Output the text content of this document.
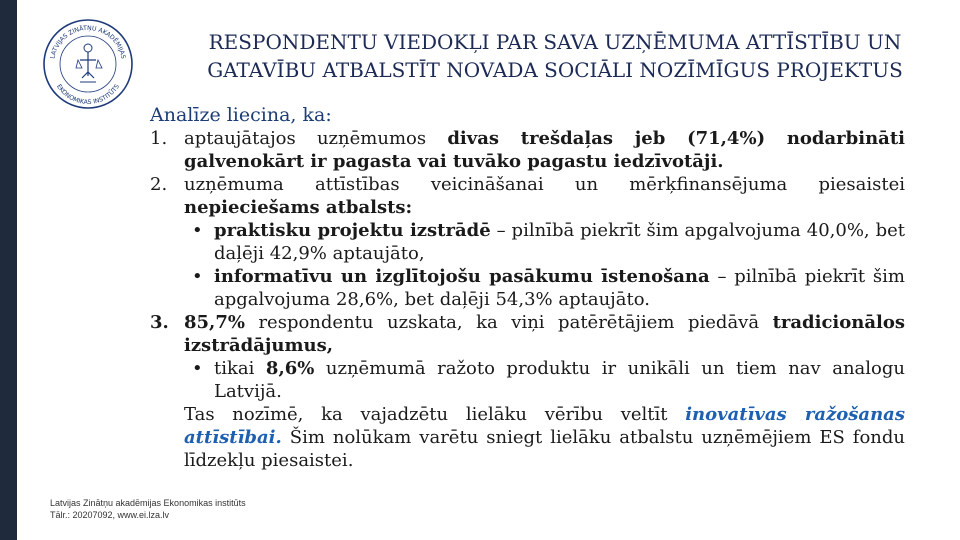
LATVIJAS ZINĀTŅU AKADĒMIJAS
EKONOMIKAS INSTITŪTS
RESPONDENTU VIEDOKĻI PAR SAVA UZŅĒMUMA ATTĪSTĪBU UN
GATAVĪBU ATBALSTĪT NOVADA SOCIĀLI NOZĪMĪGUS PROJEKTUS
Analīze liecina, ka:
1. aptaujātajos uzņēmumos divas trešdaļas jeb (71,4%) nodarbināti galvenokārt ir pagasta vai tuvāko pagastu iedzīvotāji.
2. uzņēmuma attīstības veicināšanai un mērķfinansējuma piesaistei nepieciešams atbalsts:
• praktisku projektu izstrādē – pilnībā piekrīt šim apgalvojuma 40,0%, bet daļēji 42,9% aptaujāto,
• informatīvu un izglītojošu pasākumu īstenošana – pilnībā piekrīt šim apgalvojuma 28,6%, bet daļēji 54,3% aptaujāto.
3. 85,7% respondentu uzskata, ka viņi patērētājiem piedāvā tradicionālos izstrādājumus,
• tikai 8,6% uzņēmumā ražoto produktu ir unikāli un tiem nav analogu Latvijā.
Tas nozīmē, ka vajadzētu lielāku vērību veltīt inovatīvas ražošanas attīstībai. Šim nolūkam varētu sniegt lielāku atbalstu uzņēmējiem ES fondu līdzekļu piesaistei.
Latvijas Zinātņu akadēmijas Ekonomikas institūts
Tālr.: 20207092, www.ei.lza.lv
